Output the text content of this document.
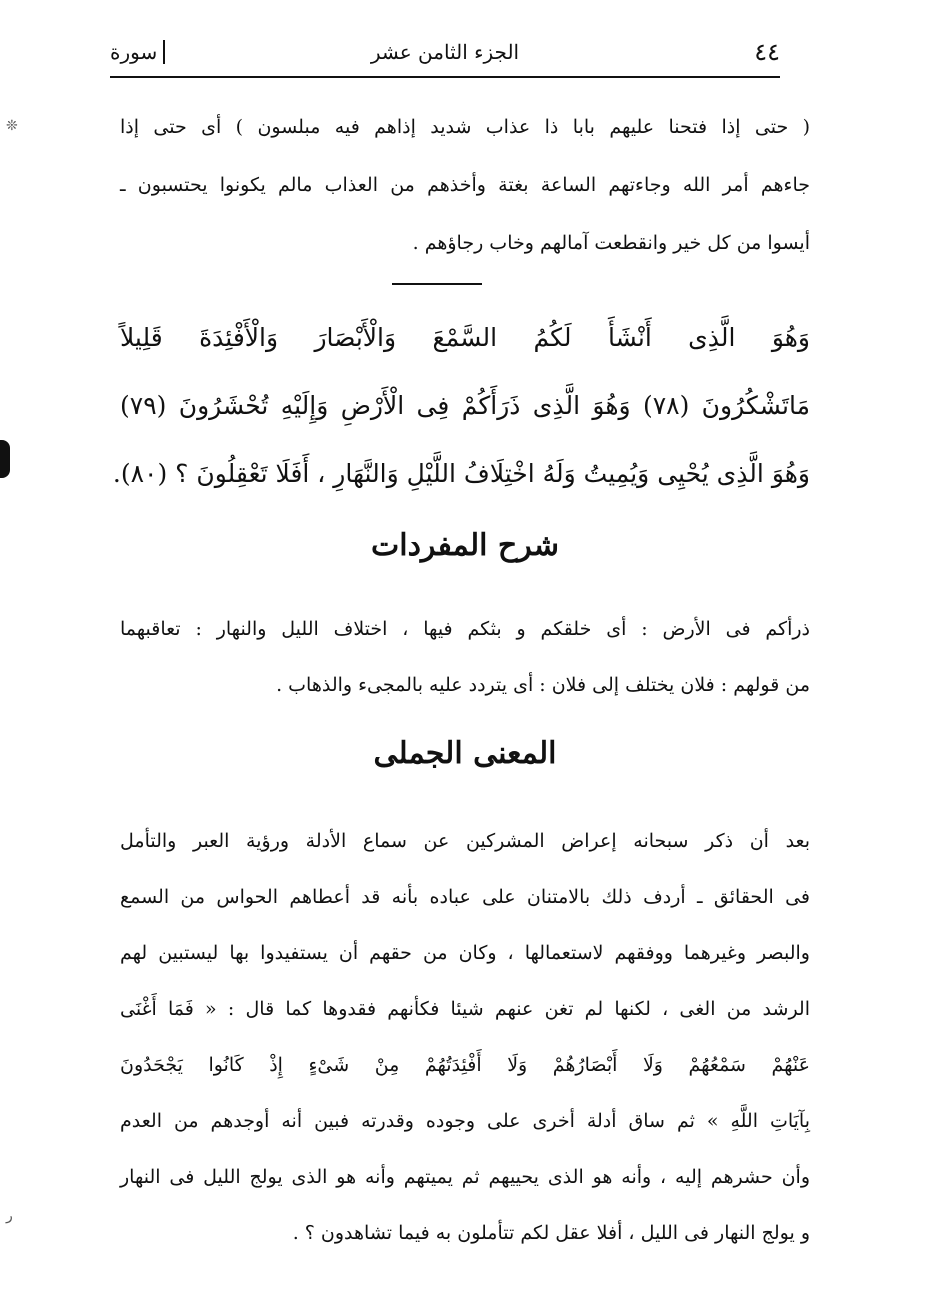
❊
ر
٤٤
الجزء الثامن عشر
سورة
( حتى إذا فتحنا عليهم بابا ذا عذاب شديد إذاهم فيه مبلسون ) أى حتى إذا
جاءهم أمر الله وجاءتهم الساعة بغتة وأخذهم من العذاب مالم يكونوا يحتسبون ـ
أيسوا من كل خير وانقطعت آمالهم وخاب رجاؤهم .
وَهُوَ الَّذِى أَنْشَأَ لَكُمُ السَّمْعَ وَالْأَبْصَارَ وَالْأَفْئِدَةَ قَلِيلاً
مَاتَشْكُرُونَ (٧٨) وَهُوَ الَّذِى ذَرَأَكُمْ فِى الْأَرْضِ وَإِلَيْهِ تُحْشَرُونَ (٧٩)
وَهُوَ الَّذِى يُحْيِى وَيُمِيتُ وَلَهُ اخْتِلَافُ اللَّيْلِ وَالنَّهَارِ ، أَفَلَا تَعْقِلُونَ ؟ (٨٠).
شرح المفردات
ذرأكم فى الأرض : أى خلقكم و بثكم فيها ، اختلاف الليل والنهار : تعاقبهما
من قولهم : فلان يختلف إلى فلان : أى يتردد عليه بالمجىء والذهاب .
المعنى الجملى
بعد أن ذكر سبحانه إعراض المشركين عن سماع الأدلة ورؤية العبر والتأمل
فى الحقائق ـ أردف ذلك بالامتنان على عباده بأنه قد أعطاهم الحواس من السمع
والبصر وغيرهما ووفقهم لاستعمالها ، وكان من حقهم أن يستفيدوا بها ليستبين لهم
الرشد من الغى ، لكنها لم تغن عنهم شيئا فكأنهم فقدوها كما قال : « فَمَا أَغْنَى
عَنْهُمْ سَمْعُهُمْ وَلَا أَبْصَارُهُمْ وَلَا أَفْئِدَتُهُمْ مِنْ شَىْءٍ إِذْ كَانُوا يَجْحَدُونَ
بِآيَاتِ اللَّهِ » ثم ساق أدلة أخرى على وجوده وقدرته فبين أنه أوجدهم من العدم
وأن حشرهم إليه ، وأنه هو الذى يحييهم ثم يميتهم وأنه هو الذى يولج الليل فى النهار
و يولج النهار فى الليل ، أفلا عقل لكم تتأملون به فيما تشاهدون ؟ .
